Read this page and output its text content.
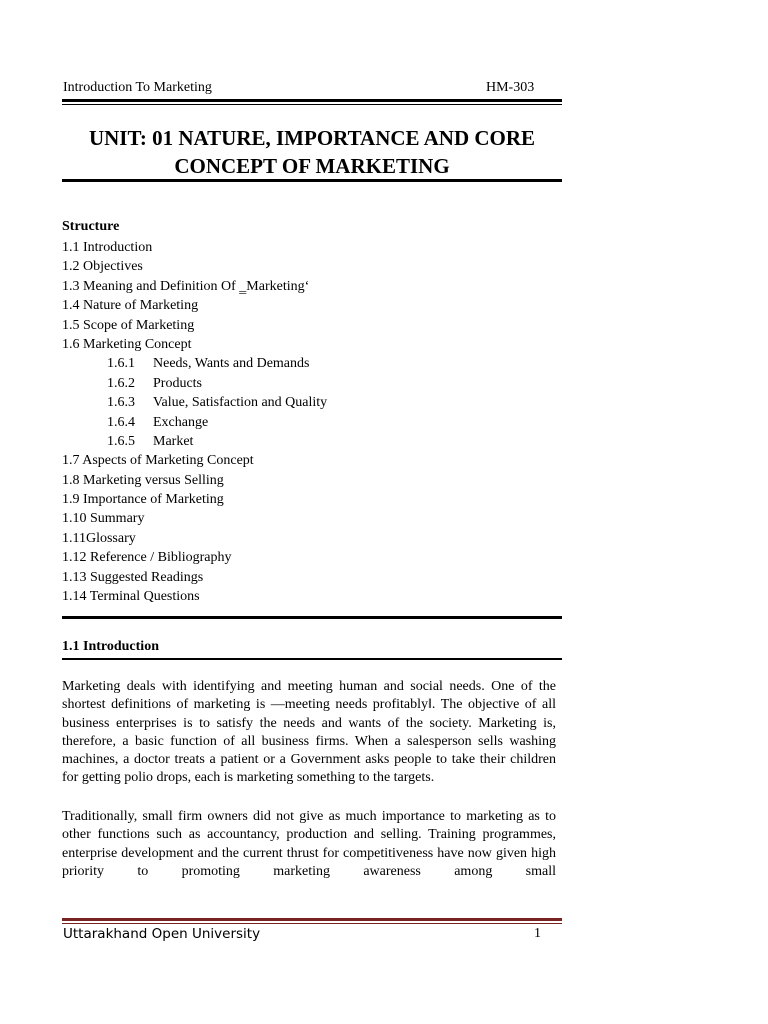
Introduction To Marketing	HM-303
UNIT: 01 NATURE, IMPORTANCE AND CORE CONCEPT OF MARKETING
Structure
1.1 Introduction
1.2 Objectives
1.3 Meaning and Definition Of ‗Marketing‘
1.4 Nature of Marketing
1.5 Scope of Marketing
1.6 Marketing Concept
1.6.1 Needs, Wants and Demands
1.6.2 Products
1.6.3 Value, Satisfaction and Quality
1.6.4 Exchange
1.6.5 Market
1.7 Aspects of Marketing Concept
1.8 Marketing versus Selling
1.9 Importance of Marketing
1.10 Summary
1.11Glossary
1.12 Reference / Bibliography
1.13 Suggested Readings
1.14 Terminal Questions
1.1 Introduction

Marketing deals with identifying and meeting human and social needs. One of the shortest definitions of marketing is ―meeting needs profitably‖. The objective of all business enterprises is to satisfy the needs and wants of the society. Marketing is, therefore, a basic function of all business firms. When a salesperson sells washing machines, a doctor treats a patient or a Government asks people to take their children for getting polio drops, each is marketing something to the targets.

Traditionally, small firm owners did not give as much importance to marketing as to other functions such as accountancy, production and selling. Training programmes, enterprise development and the current thrust for competitiveness have now given high priority to promoting marketing awareness among small

Uttarakhand Open University	1
